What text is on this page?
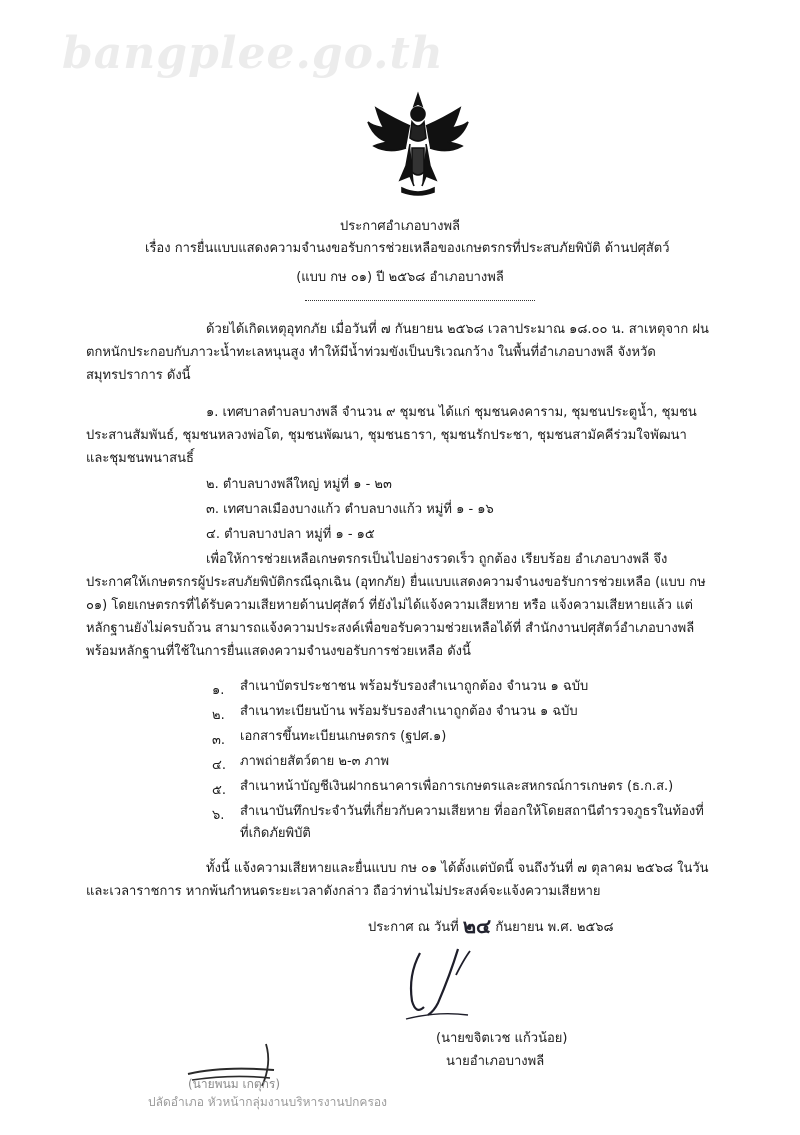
bangplee.go.th
ประกาศอำเภอบางพลี
เรื่อง การยื่นแบบแสดงความจำนงขอรับการช่วยเหลือของเกษตรกรที่ประสบภัยพิบัติ ด้านปศุสัตว์
(แบบ กษ ๐๑) ปี ๒๕๖๘ อำเภอบางพลี
ด้วยได้เกิดเหตุอุทกภัย เมื่อวันที่ ๗ กันยายน ๒๕๖๘ เวลาประมาณ ๑๘.๐๐ น. สาเหตุจาก ฝนตกหนักประกอบกับภาวะน้ำทะเลหนุนสูง ทำให้มีน้ำท่วมขังเป็นบริเวณกว้าง ในพื้นที่อำเภอบางพลี จังหวัดสมุทรปราการ ดังนี้
๑. เทศบาลตำบลบางพลี จำนวน ๙ ชุมชน ได้แก่ ชุมชนคงคาราม, ชุมชนประตูน้ำ, ชุมชน ประสานสัมพันธ์, ชุมชนหลวงพ่อโต, ชุมชนพัฒนา, ชุมชนธารา, ชุมชนรักประชา, ชุมชนสามัคคีร่วมใจพัฒนา และชุมชนพนาสนธิ์
๒. ตำบลบางพลีใหญ่ หมู่ที่ ๑ - ๒๓
๓. เทศบาลเมืองบางแก้ว ตำบลบางแก้ว หมู่ที่ ๑ - ๑๖
๔. ตำบลบางปลา หมู่ที่ ๑ - ๑๕
เพื่อให้การช่วยเหลือเกษตรกรเป็นไปอย่างรวดเร็ว ถูกต้อง เรียบร้อย อำเภอบางพลี จึงประกาศให้เกษตรกรผู้ประสบภัยพิบัติกรณีฉุกเฉิน (อุทกภัย) ยื่นแบบแสดงความจำนงขอรับการช่วยเหลือ (แบบ กษ ๐๑) โดยเกษตรกรที่ได้รับความเสียหายด้านปศุสัตว์ ที่ยังไม่ได้แจ้งความเสียหาย หรือ แจ้งความเสียหายแล้ว แต่หลักฐานยังไม่ครบถ้วน สามารถแจ้งความประสงค์เพื่อขอรับความช่วยเหลือได้ที่ สำนักงานปศุสัตว์อำเภอบางพลี พร้อมหลักฐานที่ใช้ในการยื่นแสดงความจำนงขอรับการช่วยเหลือ ดังนี้
๑. สำเนาบัตรประชาชน พร้อมรับรองสำเนาถูกต้อง จำนวน ๑ ฉบับ
๒. สำเนาทะเบียนบ้าน พร้อมรับรองสำเนาถูกต้อง จำนวน ๑ ฉบับ
๓. เอกสารขึ้นทะเบียนเกษตรกร (ฐปศ.๑)
๔. ภาพถ่ายสัตว์ตาย ๒-๓ ภาพ
๕. สำเนาหน้าบัญชีเงินฝากธนาคารเพื่อการเกษตรและสหกรณ์การเกษตร (ธ.ก.ส.)
๖. สำเนาบันทึกประจำวันที่เกี่ยวกับความเสียหาย ที่ออกให้โดยสถานีตำรวจภูธรในท้องที่ ที่เกิดภัยพิบัติ
ทั้งนี้ แจ้งความเสียหายและยื่นแบบ กษ ๐๑ ได้ตั้งแต่บัดนี้ จนถึงวันที่ ๗ ตุลาคม ๒๕๖๘ ในวันและเวลาราชการ หากพ้นกำหนดระยะเวลาดังกล่าว ถือว่าท่านไม่ประสงค์จะแจ้งความเสียหาย
ประกาศ ณ วันที่ ๒๔ กันยายน พ.ศ. ๒๕๖๘
(นายขจิตเวช แก้วน้อย)
นายอำเภอบางพลี
(นายพนม เกตุกร)
ปลัดอำเภอ หัวหน้ากลุ่มงานบริหารงานปกครอง
